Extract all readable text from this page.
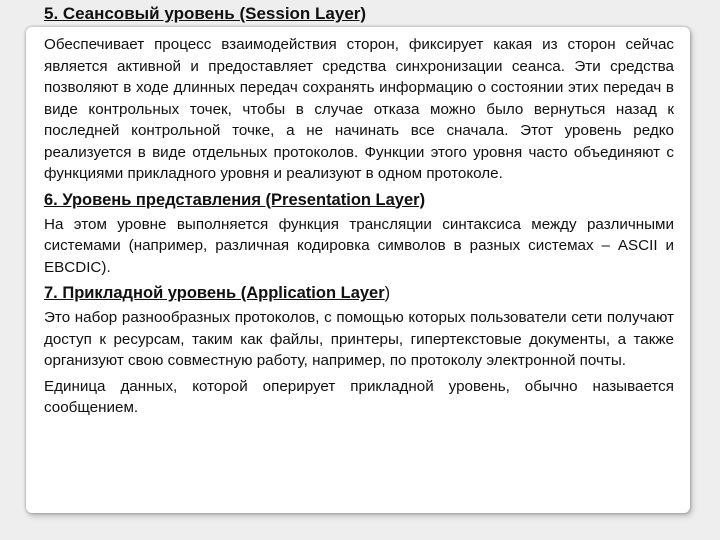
5. Сеансовый уровень (Session Layer)

Обеспечивает процесс взаимодействия сторон, фиксирует какая из сторон сейчас является активной и предоставляет средства синхронизации сеанса. Эти средства позволяют в ходе длинных передач сохранять информацию о состоянии этих передач в виде контрольных точек, чтобы в случае отказа можно было вернуться назад к последней контрольной точке, а не начинать все сначала. Этот уровень редко реализуется в виде отдельных протоколов. Функции этого уровня часто объединяют с функциями прикладного уровня и реализуют в одном протоколе.

6. Уровень представления (Presentation Layer)

На этом уровне выполняется функция трансляции синтаксиса между различными системами (например, различная кодировка символов в разных системах – ASCII и EBCDIC).

7. Прикладной уровень (Application Layer)

Это набор разнообразных протоколов, с помощью которых пользователи сети получают доступ к ресурсам, таким как файлы, принтеры, гипертекстовые документы, а также организуют свою совместную работу, например, по протоколу электронной почты.

Единица данных, которой оперирует прикладной уровень, обычно называется сообщением.
